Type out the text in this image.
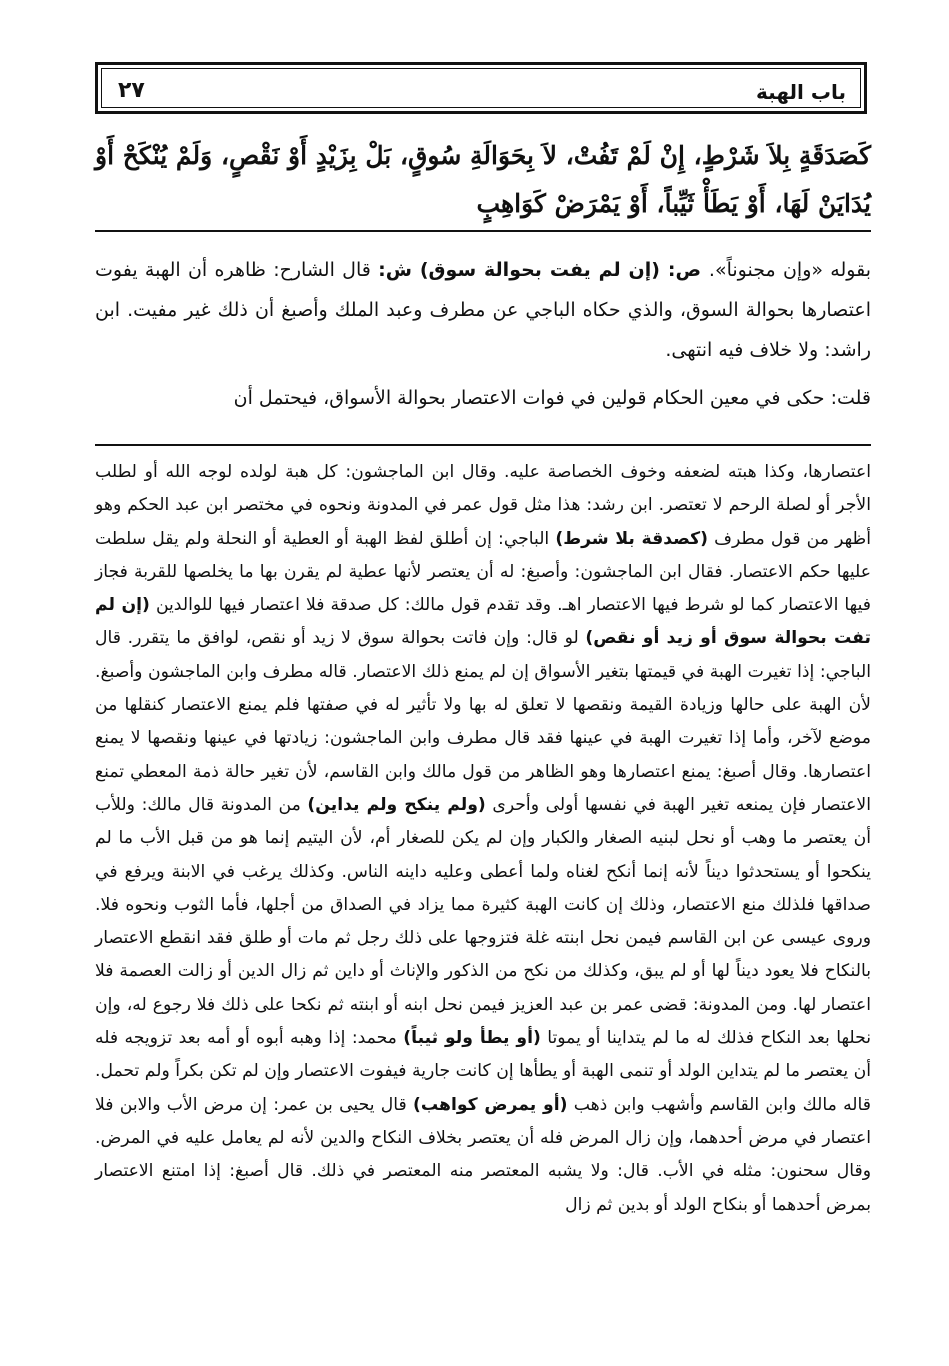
باب الهبة
٢٧
كَصَدَقَةٍ بِلاَ شَرْطٍ، إِنْ لَمْ تَفُتْ، لاَ بِحَوَالَةِ سُوقٍ، بَلْ بِزَيْدٍ أَوْ نَقْصٍ، وَلَمْ يُنْكَحْ أَوْ يُدَايَنْ لَهَا، أَوْ يَطَأْ ثَيِّباً، أَوْ يَمْرَضْ كَوَاهِبٍ

بقوله «وإن مجنوناً». ص: (إن لم يفت بحوالة سوق) ش: قال الشارح: ظاهره أن الهبة يفوت اعتصارها بحوالة السوق، والذي حكاه الباجي عن مطرف وعبد الملك وأصبغ أن ذلك غير مفيت. ابن راشد: ولا خلاف فيه انتهى.

قلت: حكى في معين الحكام قولين في فوات الاعتصار بحوالة الأسواق، فيحتمل أن

اعتصارها، وكذا هبته لضعفه وخوف الخصاصة عليه. وقال ابن الماجشون: كل هبة لولده لوجه الله أو لطلب الأجر أو لصلة الرحم لا تعتصر. ابن رشد: هذا مثل قول عمر في المدونة ونحوه في مختصر ابن عبد الحكم وهو أظهر من قول مطرف (كصدقة بلا شرط) الباجي: إن أطلق لفظ الهبة أو العطية أو النحلة ولم يقل سلطت عليها حكم الاعتصار. فقال ابن الماجشون: وأصبغ: له أن يعتصر لأنها عطية لم يقرن بها ما يخلصها للقربة فجاز فيها الاعتصار كما لو شرط فيها الاعتصار اهـ. وقد تقدم قول مالك: كل صدقة فلا اعتصار فيها للوالدين (إن لم تفت بحوالة سوق أو زيد أو نقص) لو قال: وإن فاتت بحوالة سوق لا زيد أو نقص، لوافق ما يتقرر. قال الباجي: إذا تغيرت الهبة في قيمتها بتغير الأسواق إن لم يمنع ذلك الاعتصار. قاله مطرف وابن الماجشون وأصبغ. لأن الهبة على حالها وزيادة القيمة ونقصها لا تعلق له بها ولا تأثير له في صفتها فلم يمنع الاعتصار كنقلها من موضع لآخر، وأما إذا تغيرت الهبة في عينها فقد قال مطرف وابن الماجشون: زيادتها في عينها ونقصها لا يمنع اعتصارها. وقال أصبغ: يمنع اعتصارها وهو الظاهر من قول مالك وابن القاسم، لأن تغير حالة ذمة المعطي تمنع الاعتصار فإن يمنعه تغير الهبة في نفسها أولى وأحرى (ولم ينكح ولم يداين) من المدونة قال مالك: وللأب أن يعتصر ما وهب أو نحل لبنيه الصغار والكبار وإن لم يكن للصغار أم، لأن اليتيم إنما هو من قبل الأب ما لم ينكحوا أو يستحدثوا ديناً لأنه إنما أنكح لغناه ولما أعطى وعليه داينه الناس. وكذلك يرغب في الابنة ويرفع في صداقها فلذلك منع الاعتصار، وذلك إن كانت الهبة كثيرة مما يزاد في الصداق من أجلها، فأما الثوب ونحوه فلا. وروى عيسى عن ابن القاسم فيمن نحل ابنته غلة فتزوجها على ذلك رجل ثم مات أو طلق فقد انقطع الاعتصار بالنكاح فلا يعود ديناً لها أو لم يبق، وكذلك من نكح من الذكور والإناث أو داين ثم زال الدين أو زالت العصمة فلا اعتصار لها. ومن المدونة: قضى عمر بن عبد العزيز فيمن نحل ابنه أو ابنته ثم نكحا على ذلك فلا رجوع له، وإن نحلها بعد النكاح فذلك له ما لم يتداينا أو يموتا (أو يطأ ولو ثيباً) محمد: إذا وهبه أبوه أو أمه بعد تزويجه فله أن يعتصر ما لم يتداين الولد أو تنمى الهبة أو يطأها إن كانت جارية فيفوت الاعتصار وإن لم تكن بكراً ولم تحمل. قاله مالك وابن القاسم وأشهب وابن ذهب (أو يمرض كواهب) قال يحيى بن عمر: إن مرض الأب والابن فلا اعتصار في مرض أحدهما، وإن زال المرض فله أن يعتصر بخلاف النكاح والدين لأنه لم يعامل عليه في المرض. وقال سحنون: مثله في الأب. قال: ولا يشبه المعتصر منه المعتصر في ذلك. قال أصبغ: إذا امتنع الاعتصار بمرض أحدهما أو بنكاح الولد أو بدين ثم زال
